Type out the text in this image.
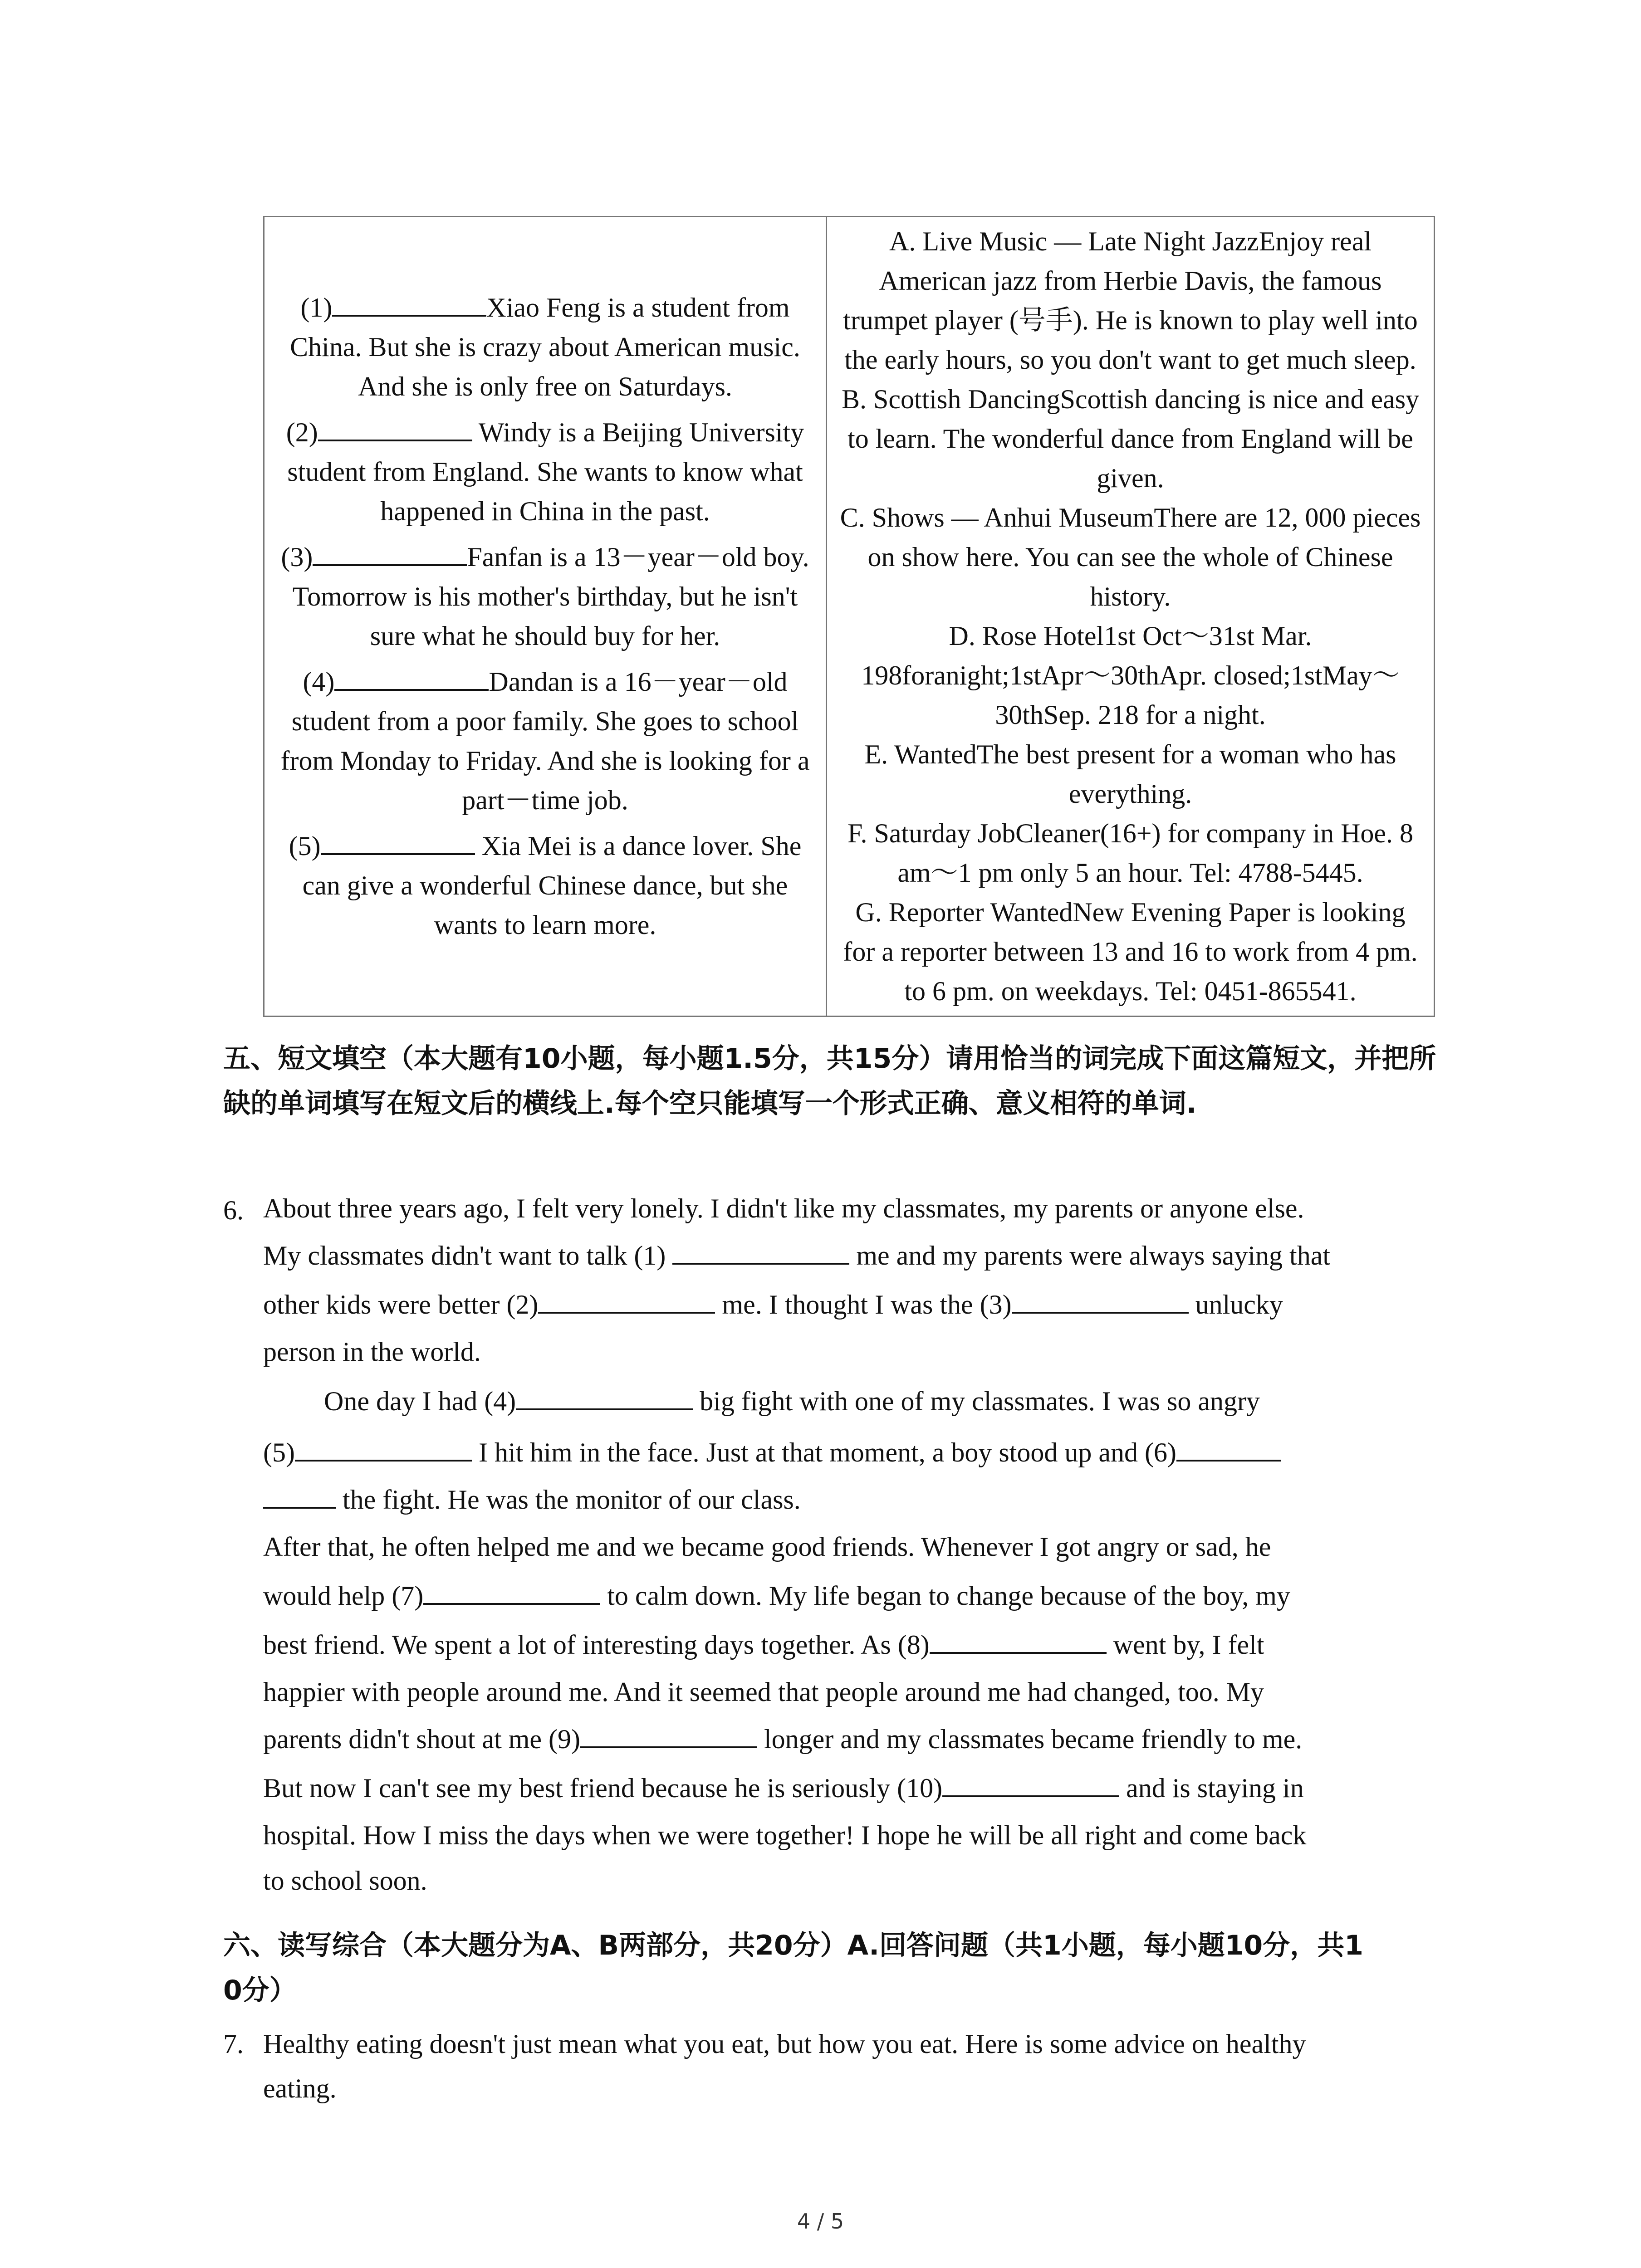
(1)	Xiao Feng is a student from China. But she is crazy about American music. And she is only free on Saturdays.
(2)	Windy is a Beijing University student from England. She wants to know what happened in China in the past.
(3)	Fanfan is a 13－year－old boy. Tomorrow is his mother's birthday, but he isn't sure what he should buy for her.
(4)	Dandan is a 16－year－old student from a poor family. She goes to school from Monday to Friday. And she is looking for a part－time job.
(5)	Xia Mei is a dance lover. She can give a wonderful Chinese dance, but she wants to learn more.

A. Live Music — Late Night JazzEnjoy real American jazz from Herbie Davis, the famous trumpet player (号手). He is known to play well into the early hours, so you don't want to get much sleep.
B. Scottish DancingScottish dancing is nice and easy to learn. The wonderful dance from England will be given.
C. Shows — Anhui MuseumThere are 12, 000 pieces on show here. You can see the whole of Chinese history.
D. Rose Hotel1st Oct～31st Mar. 198foranight;1stApr～30thApr. closed;1stMay～30thSep. 218 for a night.
E. WantedThe best present for a woman who has everything.
F. Saturday JobCleaner(16+) for company in Hoe. 8 am～1 pm only 5 an hour. Tel: 4788-5445.
G. Reporter WantedNew Evening Paper is looking for a reporter between 13 and 16 to work from 4 pm. to 6 pm. on weekdays. Tel: 0451-865541.
五、短文填空（本大题有10小题，每小题1.5分，共15分）请用恰当的词完成下面这篇短文，并把所缺的单词填写在短文后的横线上.每个空只能填写一个形式正确、意义相符的单词.
6. About three years ago, I felt very lonely. I didn't like my classmates, my parents or anyone else.
My classmates didn't want to talk (1)	me and my parents were always saying that
other kids were better (2)	me. I thought I was the (3)	unlucky
person in the world.
One day I had (4)	big fight with one of my classmates. I was so angry
(5)	I hit him in the face. Just at that moment, a boy stood up and (6)
the fight. He was the monitor of our class.
After that, he often helped me and we became good friends. Whenever I got angry or sad, he
would help (7)	to calm down. My life began to change because of the boy, my
best friend. We spent a lot of interesting days together. As (8)	went by, I felt
happier with people around me. And it seemed that people around me had changed, too. My
parents didn't shout at me (9)	longer and my classmates became friendly to me.
But now I can't see my best friend because he is seriously (10)	and is staying in
hospital. How I miss the days when we were together! I hope he will be all right and come back
to school soon.
六、读写综合（本大题分为A、B两部分，共20分）A.回答问题（共1小题，每小题10分，共1
0分）
7. Healthy eating doesn't just mean what you eat, but how you eat. Here is some advice on healthy
eating.
4 / 5
